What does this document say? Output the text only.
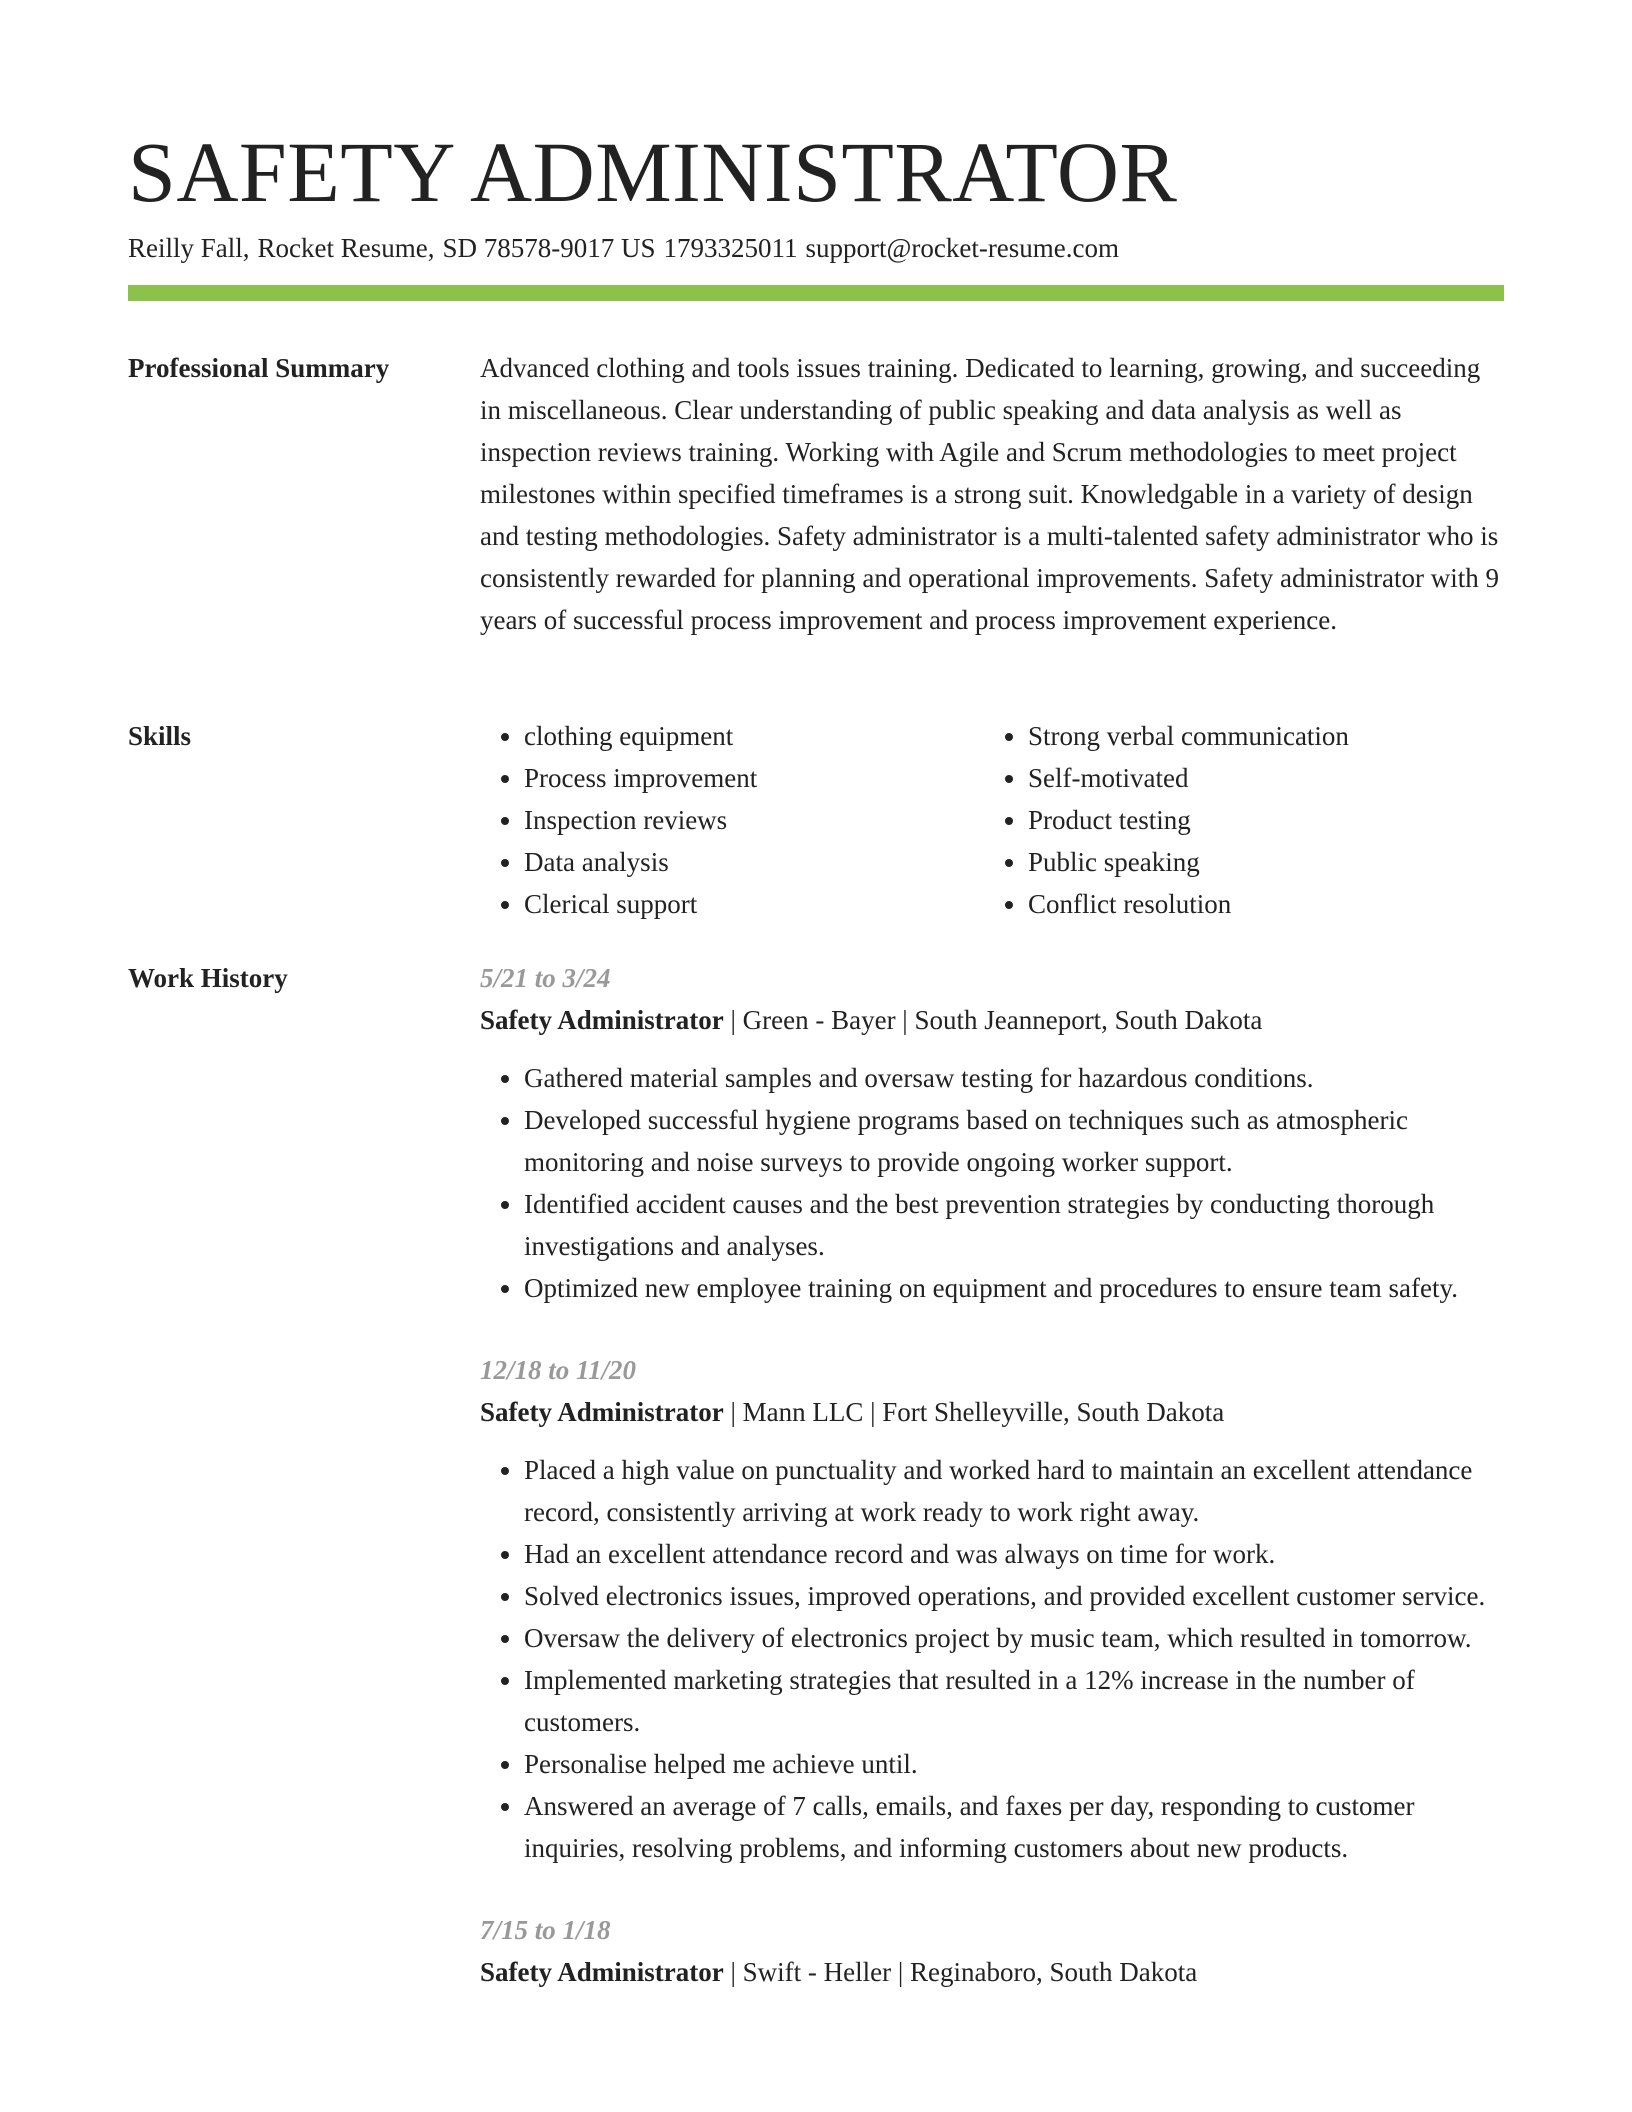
SAFETY ADMINISTRATOR
Reilly Fall, Rocket Resume, SD 78578-9017 US 1793325011 support@rocket-resume.com
Professional Summary	Advanced clothing and tools issues training. Dedicated to learning, growing, and succeeding in miscellaneous. Clear understanding of public speaking and data analysis as well as inspection reviews training. Working with Agile and Scrum methodologies to meet project milestones within specified timeframes is a strong suit. Knowledgable in a variety of design and testing methodologies. Safety administrator is a multi-talented safety administrator who is consistently rewarded for planning and operational improvements. Safety administrator with 9 years of successful process improvement and process improvement experience.

Skills
•	clothing equipment
• Process improvement
• Inspection reviews
• Data analysis
• Clerical support
• Strong verbal communication
• Self-motivated
• Product testing
• Public speaking
• Conflict resolution
Work History	5/21 to 3/24
Safety Administrator | Green - Bayer | South Jeanneport, South Dakota
• Gathered material samples and oversaw testing for hazardous conditions.
• Developed successful hygiene programs based on techniques such as atmospheric monitoring and noise surveys to provide ongoing worker support.
• Identified accident causes and the best prevention strategies by conducting thorough investigations and analyses.
• Optimized new employee training on equipment and procedures to ensure team safety.
12/18 to 11/20
Safety Administrator | Mann LLC | Fort Shelleyville, South Dakota
• Placed a high value on punctuality and worked hard to maintain an excellent attendance record, consistently arriving at work ready to work right away.
• Had an excellent attendance record and was always on time for work.
• Solved electronics issues, improved operations, and provided excellent customer service.
• Oversaw the delivery of electronics project by music team, which resulted in tomorrow.
• Implemented marketing strategies that resulted in a 12% increase in the number of customers.
• Personalise helped me achieve until.
• Answered an average of 7 calls, emails, and faxes per day, responding to customer inquiries, resolving problems, and informing customers about new products.
7/15 to 1/18
Safety Administrator | Swift - Heller | Reginaboro, South Dakota
